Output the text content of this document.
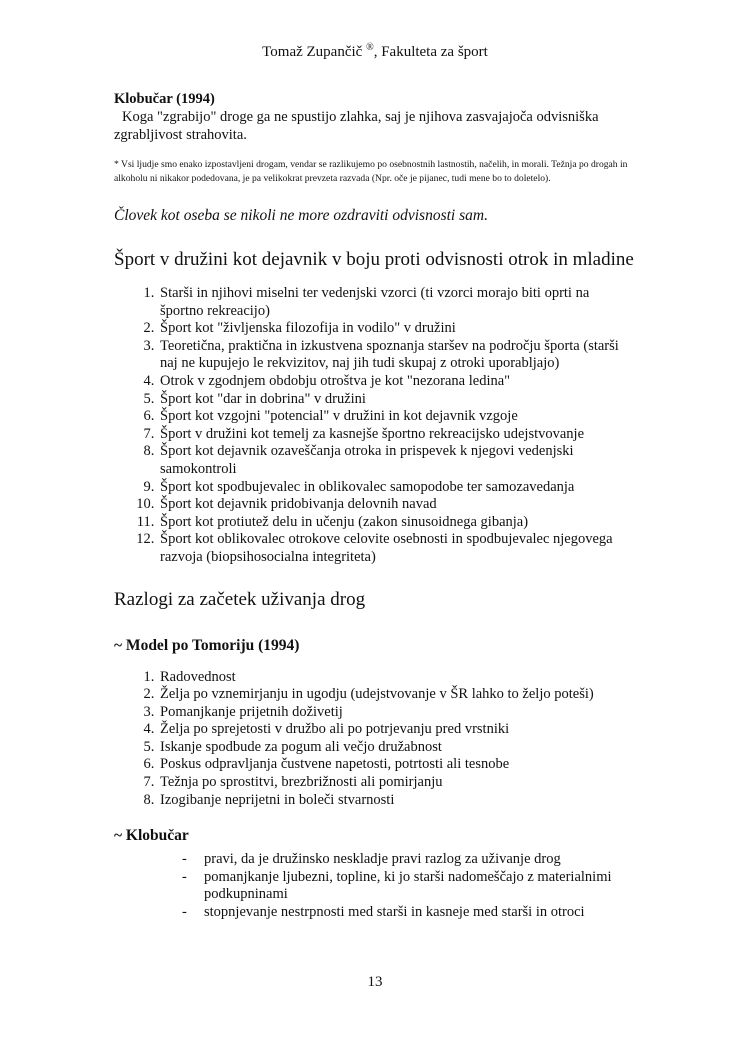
Tomaž Zupančič ®, Fakulteta za šport

Klobučar (1994)

Koga "zgrabijo" droge ga ne spustijo zlahka, saj je njihova zasvajajoča odvisniška zgrabljivost strahovita.

* Vsi ljudje smo enako izpostavljeni drogam, vendar se razlikujemo po osebnostnih lastnostih, načelih, in morali. Težnja po drogah in alkoholu ni nikakor podedovana, je pa velikokrat prevzeta razvada (Npr. oče je pijanec, tudi mene bo to doletelo).

Človek kot oseba se nikoli ne more ozdraviti odvisnosti sam.

Šport v družini kot dejavnik v boju proti odvisnosti otrok in mladine
1. Starši in njihovi miselni ter vedenjski vzorci (ti vzorci morajo biti oprti na športno rekreacijo)
2. Šport kot "življenska filozofija in vodilo" v družini
3. Teoretična, praktična in izkustvena spoznanja staršev na področju športa (starši naj ne kupujejo le rekvizitov, naj jih tudi skupaj z otroki uporabljajo)
4. Otrok v zgodnjem obdobju otroštva je kot "nezorana ledina"
5. Šport kot "dar in dobrina" v družini
6. Šport kot vzgojni "potencial" v družini in kot dejavnik vzgoje
7. Šport v družini kot temelj za kasnejše športno rekreacijsko udejstvovanje
8. Šport kot dejavnik ozaveščanja otroka in prispevek k njegovi vedenjski samokontroli
9. Šport kot spodbujevalec in oblikovalec samopodobe ter samozavedanja
10. Šport kot dejavnik pridobivanja delovnih navad
11. Šport kot protiutež delu in učenju (zakon sinusoidnega gibanja)
12. Šport kot oblikovalec otrokove celovite osebnosti in spodbujevalec njegovega razvoja (biopsihosocialna integriteta)
Razlogi za začetek uživanja drog
~ Model po Tomoriju (1994)
1. Radovednost
2. Želja po vznemirjanju in ugodju (udejstvovanje v ŠR lahko to željo poteši)
3. Pomanjkanje prijetnih doživetij
4. Želja po sprejetosti v družbo ali po potrjevanju pred vrstniki
5. Iskanje spodbude za pogum ali večjo družabnost
6. Poskus odpravljanja čustvene napetosti, potrtosti ali tesnobe
7. Težnja po sprostitvi, brezbrižnosti ali pomirjanju
8. Izogibanje neprijetni in boleči stvarnosti
~ Klobučar
- pravi, da je družinsko neskladje pravi razlog za uživanje drog
- pomanjkanje ljubezni, topline, ki jo starši nadomeščajo z materialnimi podkupninami
- stopnjevanje nestrpnosti med starši in kasneje med starši in otroci
13
